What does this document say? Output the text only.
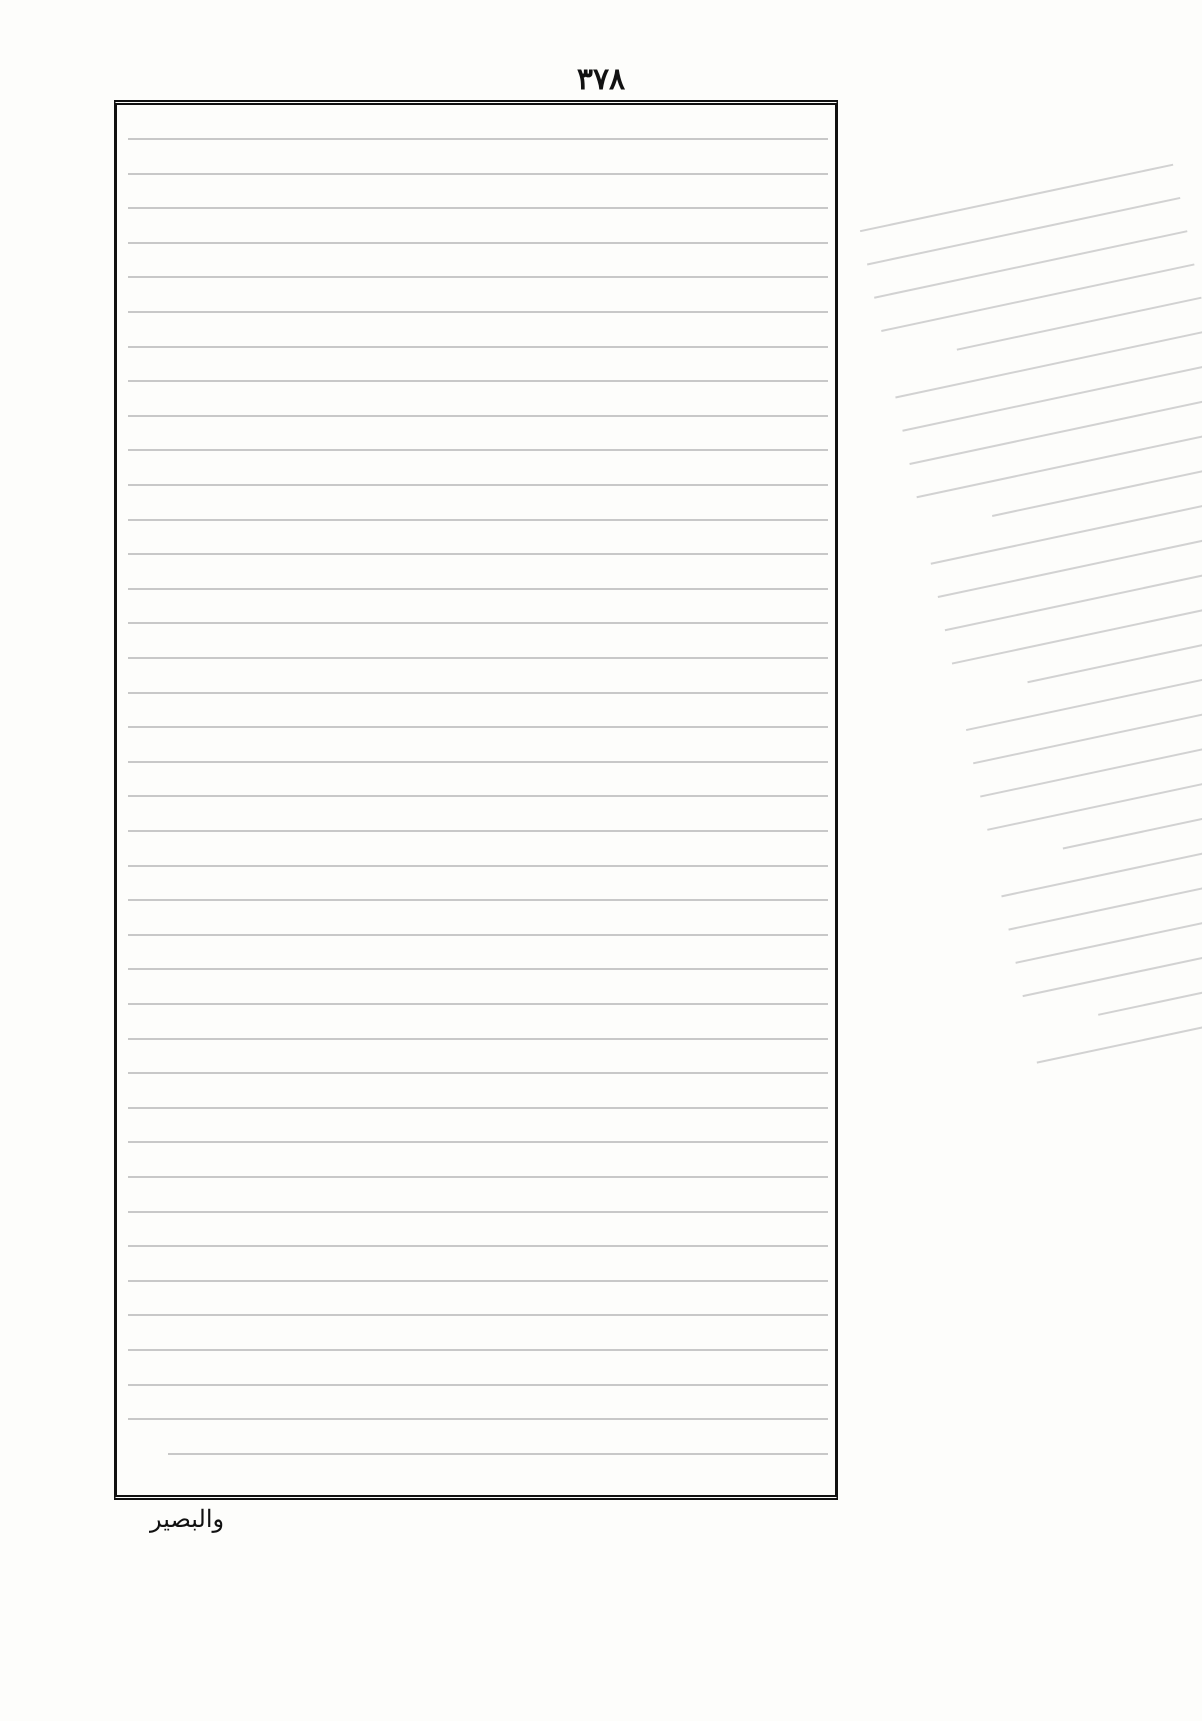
٣٧٨
والبصير
